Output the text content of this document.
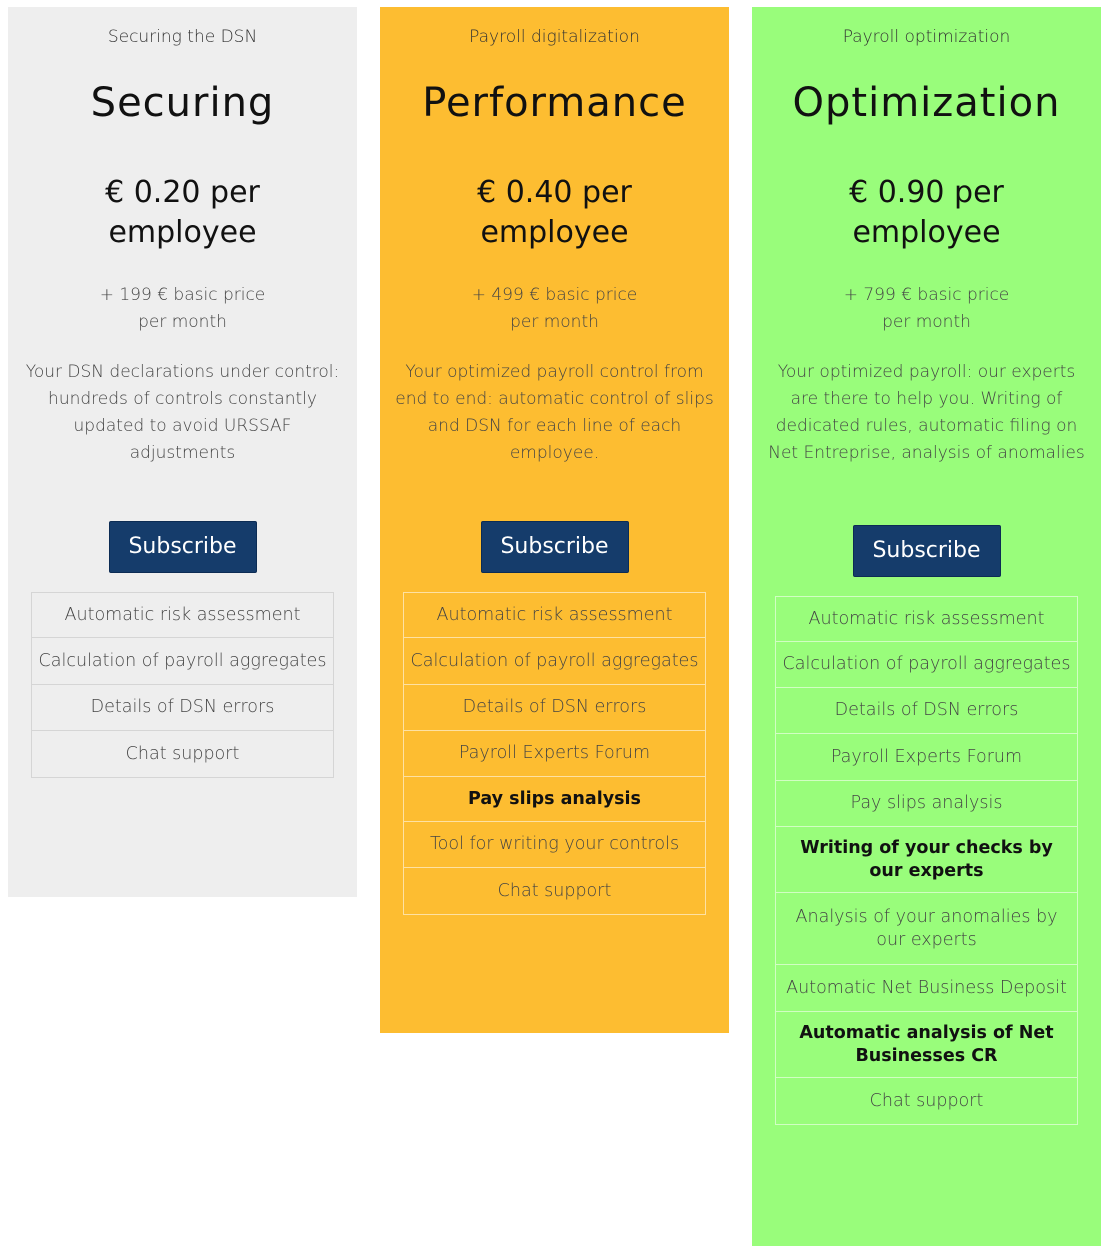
Securing the DSN
Securing
€ 0.20 per
employee
+ 199 € basic price
per month
Your DSN declarations under control: hundreds of controls constantly updated to avoid URSSAF adjustments
Subscribe
Automatic risk assessment
Calculation of payroll aggregates
Details of DSN errors
Chat support
Payroll digitalization
Performance
€ 0.40 per
employee
+ 499 € basic price
per month
Your optimized payroll control from end to end: automatic control of slips and DSN for each line of each employee.
Subscribe
Automatic risk assessment
Calculation of payroll aggregates
Details of DSN errors
Payroll Experts Forum
Pay slips analysis
Tool for writing your controls
Chat support
Payroll optimization
Optimization
€ 0.90 per
employee
+ 799 € basic price
per month
Your optimized payroll: our experts are there to help you. Writing of dedicated rules, automatic filing on Net Entreprise, analysis of anomalies
Subscribe
Automatic risk assessment
Calculation of payroll aggregates
Details of DSN errors
Payroll Experts Forum
Pay slips analysis
Writing of your checks by our experts
Analysis of your anomalies by our experts
Automatic Net Business Deposit
Automatic analysis of Net Businesses CR
Chat support
